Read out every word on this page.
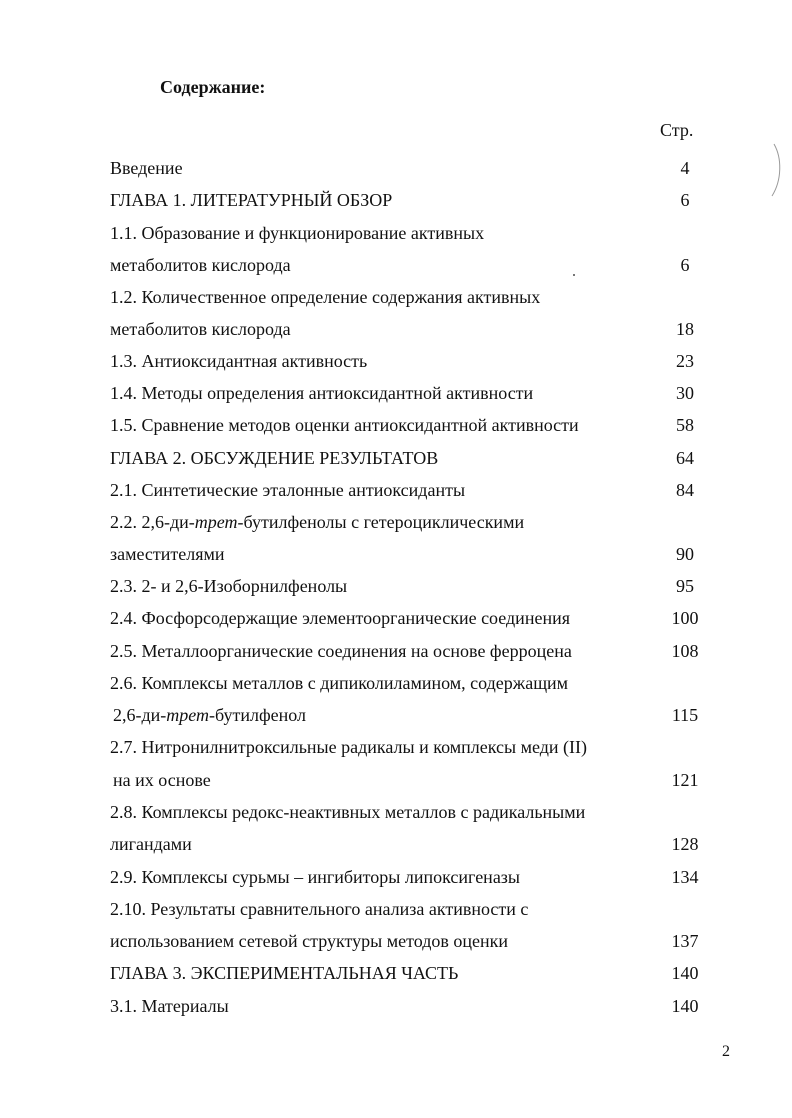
Содержание:
Стр.
Введение	4
ГЛАВА 1. ЛИТЕРАТУРНЫЙ ОБЗОР	6
1.1. Образование и функционирование активных
метаболитов кислорода	6
1.2. Количественное определение содержания активных
метаболитов кислорода	18
1.3. Антиоксидантная активность	23
1.4. Методы определения антиоксидантной активности	30
1.5. Сравнение методов оценки антиоксидантной активности	58
ГЛАВА 2. ОБСУЖДЕНИЕ РЕЗУЛЬТАТОВ	64
2.1. Синтетические эталонные антиоксиданты	84
2.2. 2,6-ди-трет-бутилфенолы с гетероциклическими
заместителями	90
2.3. 2- и 2,6-Изоборнилфенолы	95
2.4. Фосфорсодержащие элементоорганические соединения	100
2.5. Металлоорганические соединения на основе ферроцена	108
2.6. Комплексы металлов с дипиколиламином, содержащим
2,6-ди-трет-бутилфенол	115
2.7. Нитронилнитроксильные радикалы и комплексы меди (II)
на их основе	121
2.8. Комплексы редокс-неактивных металлов с радикальными
лигандами	128
2.9. Комплексы сурьмы – ингибиторы липоксигеназы	134
2.10. Результаты сравнительного анализа активности с
использованием сетевой структуры методов оценки	137
ГЛАВА 3. ЭКСПЕРИМЕНТАЛЬНАЯ ЧАСТЬ	140
3.1. Материалы	140
2
